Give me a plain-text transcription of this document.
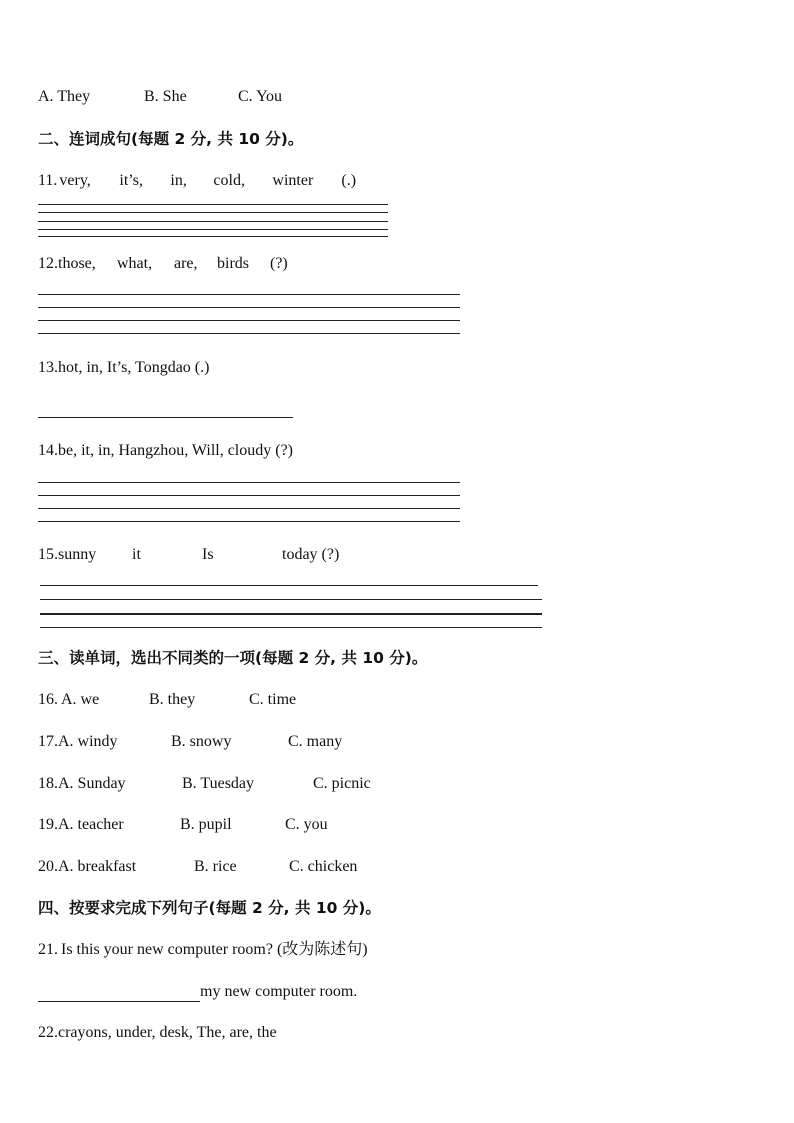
A. They	B. She	C. You
二、连词成句(每题 2 分, 共 10 分)。
11. very, it’s, in, cold, winter (.)
12.those, what, are, birds (?)
13.hot, in, It’s, Tongdao (.)
14.be, it, in, Hangzhou, Will, cloudy (?)
15.sunny it	Is	today (?)
三、读单词，选出不同类的一项(每题 2 分, 共 10 分)。
16. A. we	B. they	C. time
17.A. windy	B. snowy	C. many
18.A. Sunday	B. Tuesday	C. picnic
19.A. teacher	B. pupil	C. you
20.A. breakfast	B. rice	C. chicken
四、按要求完成下列句子(每题 2 分, 共 10 分)。
21. Is this your new computer room? (改为陈述句)
my new computer room.
22.crayons, under, desk, The, are, the
